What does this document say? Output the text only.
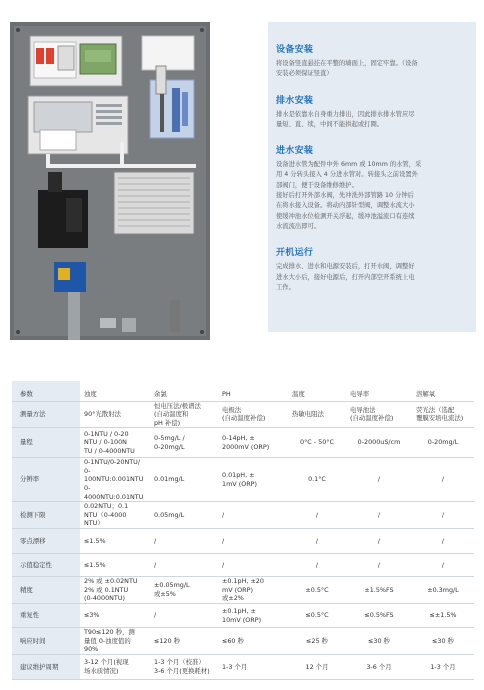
设备安装

将设备竖直悬挂在平整的墙面上，固定牢靠。（设备
安装必须保证竖直）

排水安装

排水是依靠水自身重力排出，因此排水排水管应尽
量短、直、续，中间不能拱起或打圈。

进水安装

设备进水管为配件中外 6mm 或 10mm 的水管，采
用 4 分转头接入 4 分进水管对。转接头之前设置外
部阀门，便于设备维修维护。
接好后打开外部水阀，先冲洗外部管路 10 分钟后
在将水接入设备。将动内部针型阀，调整水流大小
使缓冲池水位检测开关浮起，缓冲池溢流口有连续
水流流出即可。

开机运行

完成排水、进水和电源安装后，打开水阀，调整好
进水大小后，接好电源后，打开内部空开系统上电
工作。

参数	浊度	余氯	PH	温度	电导率	溶解氧
测量方法	90°光散射法	恒电压法/极谱法
(自动温度和
pH 补偿)	电极法
(自动温度补偿)	热敏电阻法	电导池法
(自动温度补偿)	荧光法（选配
覆膜安培电流法)
量程	0-1NTU / 0-20
NTU / 0-100N
TU / 0-4000NTU	0-5mg/L /
0-20mg/L	0-14pH, ±
2000mV (ORP)	0°C - 50°C	0-2000uS/cm	0-20mg/L
分辨率	0-1NTU/0-20NTU/
0-100NTU:0.001NTU
0-4000NTU:0.01NTU	0.01mg/L	0.01pH, ±
1mV (ORP)	0.1°C	/	/
检测下限	0.02NTU；0.1
NTU（0-4000
NTU）	0.05mg/L	/	/	/	/
零点漂移	≤1.5%	/	/	/	/	/
示值稳定性	≤1.5%	/	/	/	/	/
精度	2% 或 ±0.02NTU
2% 或 0.1NTU
(0-4000NTU)	±0.05mg/L
或±5%	±0.1pH, ±20
mV (ORP)
或±2%	±0.5°C	±1.5%FS	±0.3mg/L
重复性	≤3%	/	±0.1pH, ±
10mV (ORP)	≤0.5°C	≤0.5%FS	≤±1.5%
响应时间	T90≤120 秒，测
量值 0-浊度值的
90%	≤120 秒	≤60 秒	≤25 秒	≤30 秒	≤30 秒
建议维护周期	3-12 个月(视现
场水质情况)	1-3 个月（校准）
3-6 个月(更换耗材)	1-3 个月	12 个月	3-6 个月	1-3 个月
